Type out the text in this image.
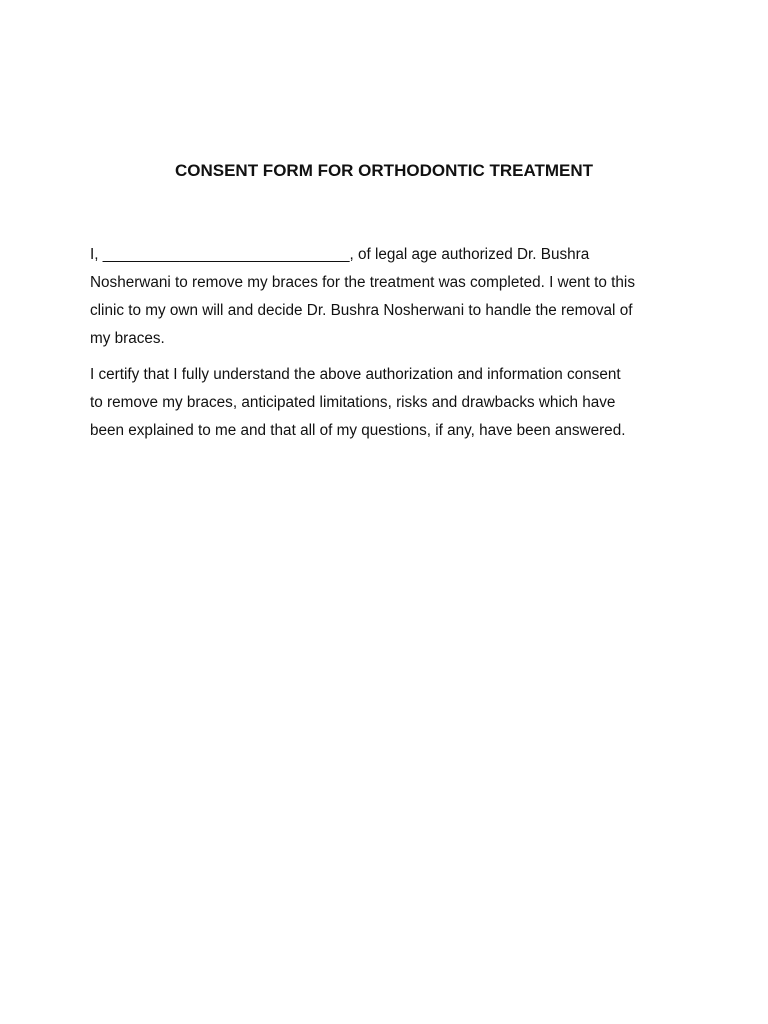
CONSENT FORM FOR ORTHODONTIC TREATMENT

I, _____________________________, of legal age authorized Dr. Bushra
Nosherwani to remove my braces for the treatment was completed. I went to this
clinic to my own will and decide Dr. Bushra Nosherwani to handle the removal of
my braces.

I certify that I fully understand the above authorization and information consent
to remove my braces, anticipated limitations, risks and drawbacks which have
been explained to me and that all of my questions, if any, have been answered.
